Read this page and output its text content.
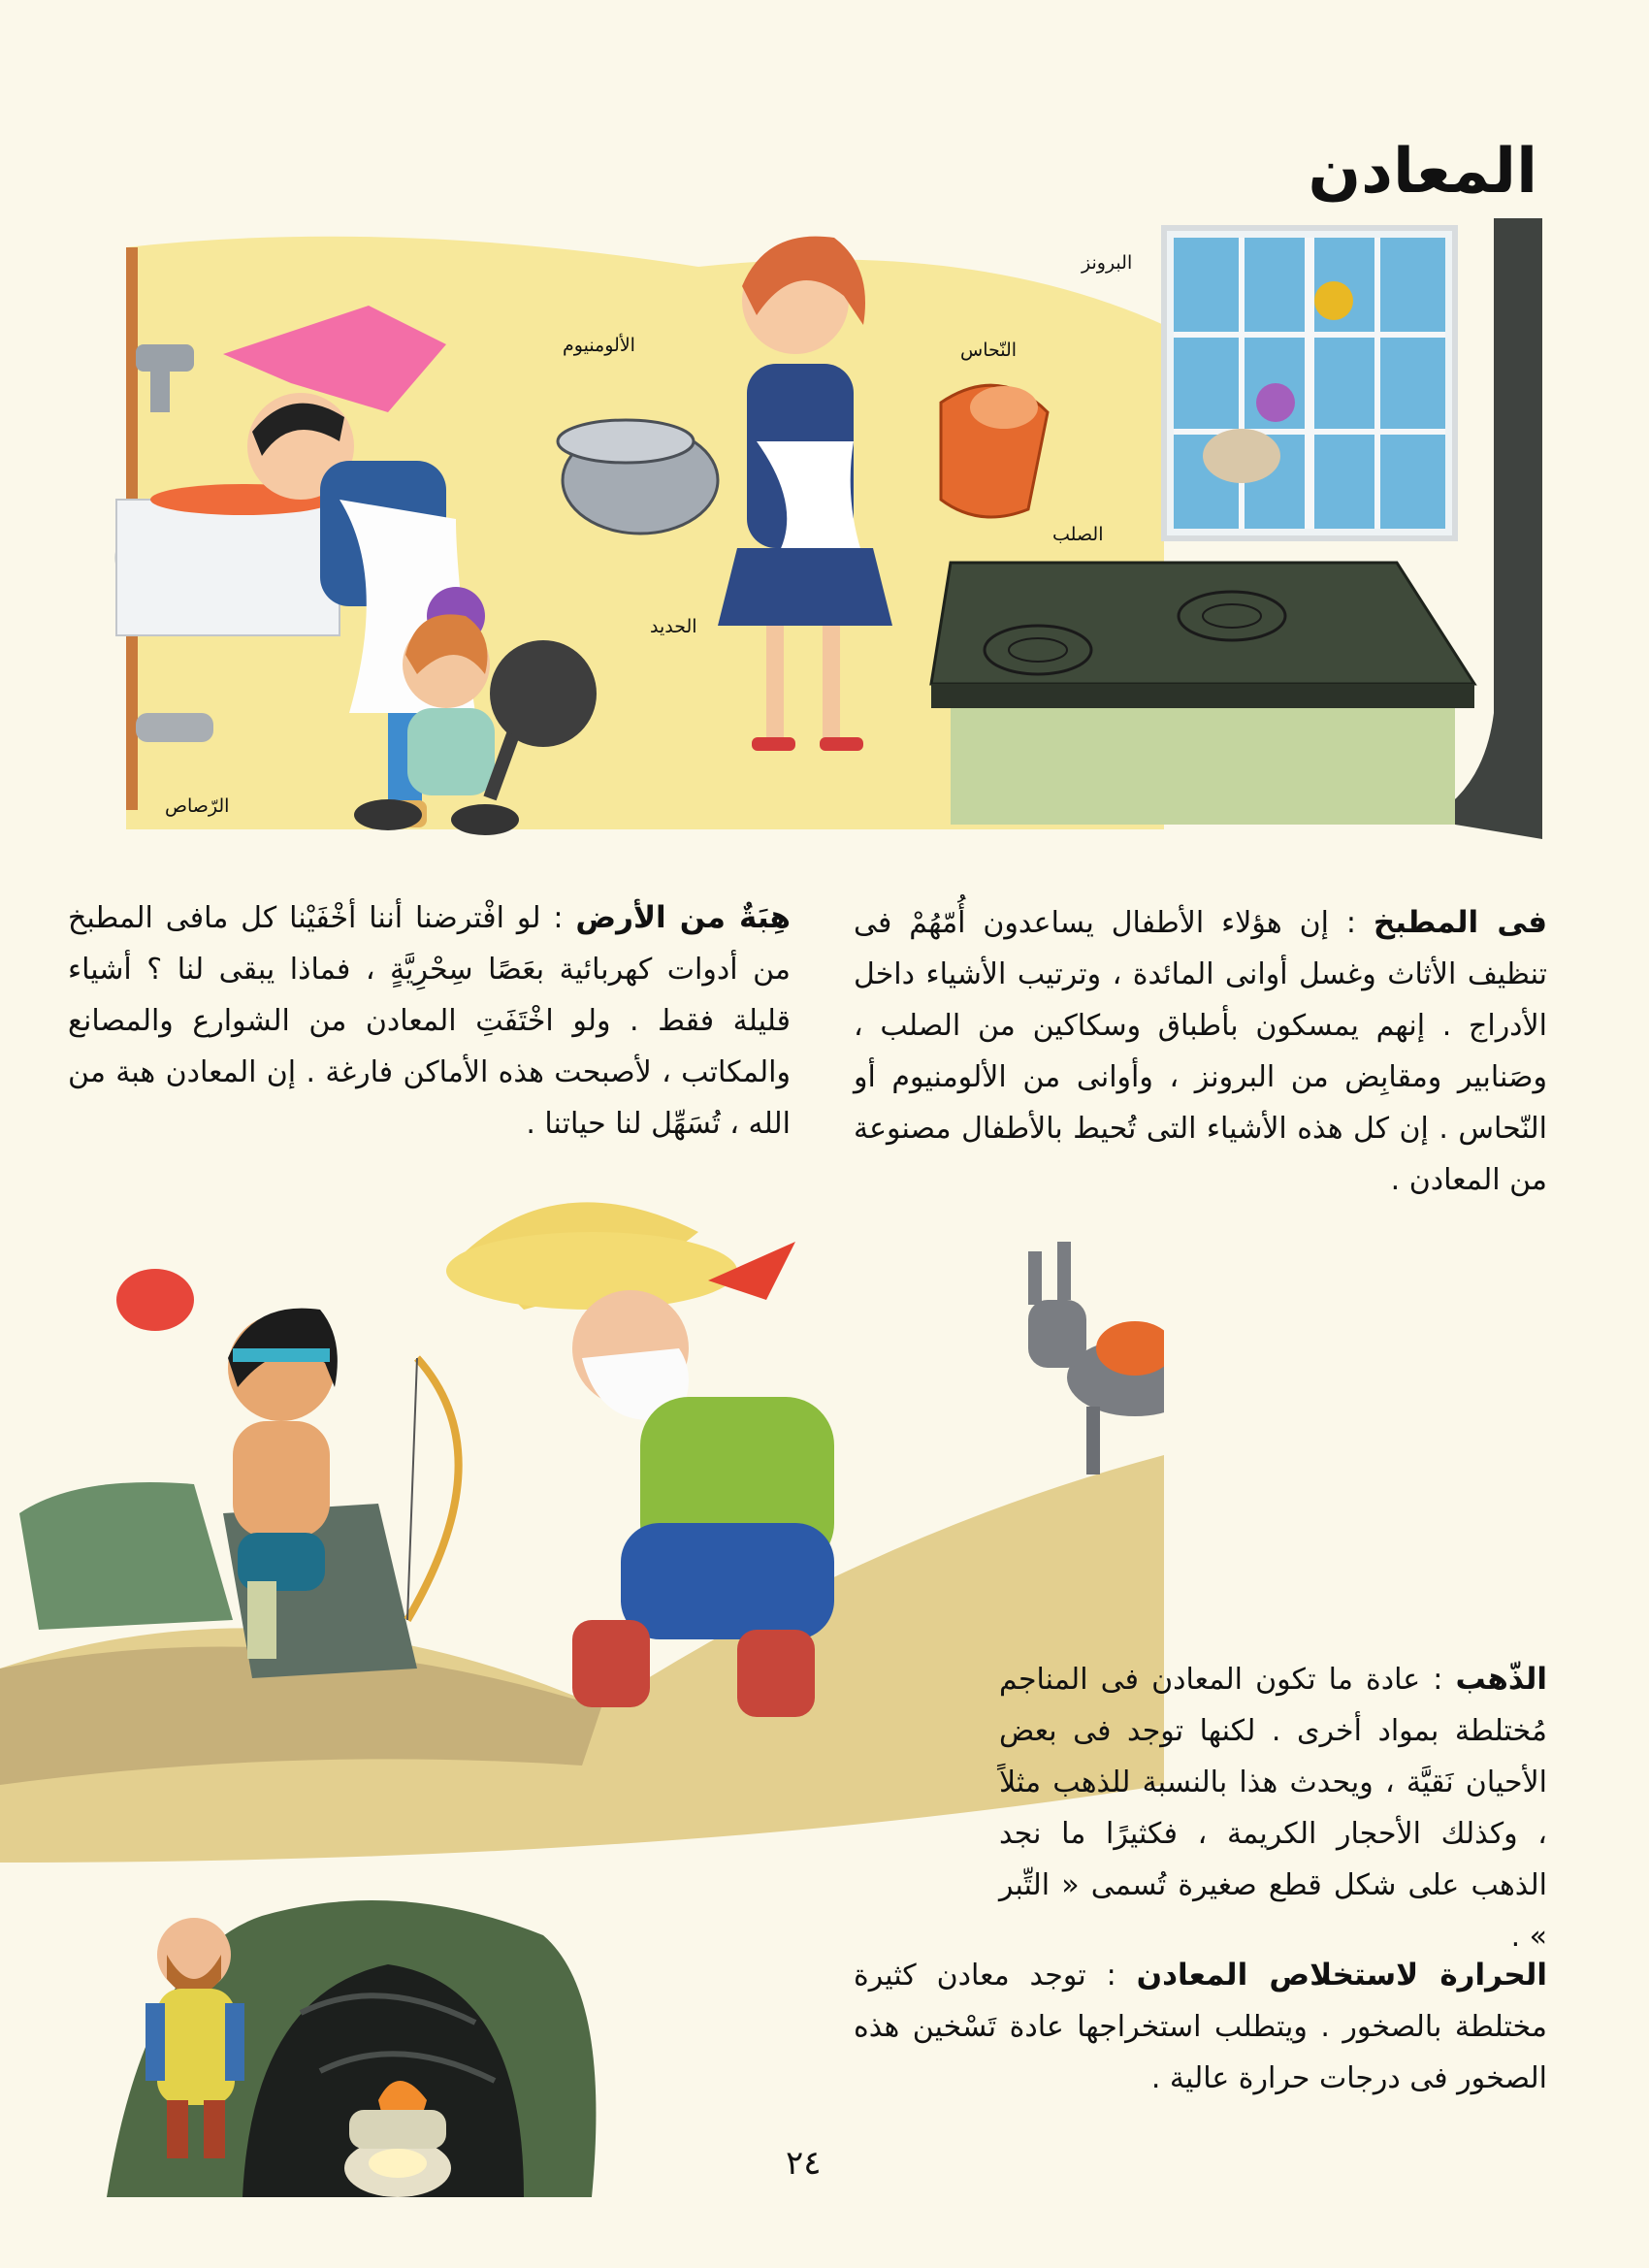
المعادن
البرونز
الألومنيوم	النّحاس
الصلب
الحديد
الرّصاص
فى المطبخ : إن هؤلاء الأطفال يساعدون أُمّهُمْ فى تنظيف الأثاث وغسل أوانى المائدة ، وترتيب الأشياء داخل الأدراج . إنهم يمسكون بأطباق وسكاكين من الصلب ، وصَنابير ومقابِض من البرونز ، وأوانى من الألومنيوم أو النّحاس . إن كل هذه الأشياء التى تُحيط بالأطفال مصنوعة من المعادن .
هِبَةٌ من الأرض : لو افْترضنا أننا أخْفَيْنا كل مافى المطبخ من أدوات كهربائية بعَصًا سِحْرِيَّةٍ ، فماذا يبقى لنا ؟ أشياء قليلة فقط . ولو اخْتَفَتِ المعادن من الشوارع والمصانع والمكاتب ، لأصبحت هذه الأماكن فارغة . إن المعادن هبة من الله ، تُسَهِّل لنا حياتنا .
الذّهب : عادة ما تكون المعادن فى المناجم مُختلطة بمواد أخرى . لكنها توجد فى بعض الأحيان نَقيَّة ، ويحدث هذا بالنسبة للذهب مثلاً ، وكذلك الأحجار الكريمة ، فكثيرًا ما نجد الذهب على شكل قطع صغيرة تُسمى « التِّبر » .
الحرارة لاستخلاص المعادن : توجد معادن كثيرة مختلطة بالصخور . ويتطلب استخراجها عادة تَسْخين هذه الصخور فى درجات حرارة عالية .
٢٤
